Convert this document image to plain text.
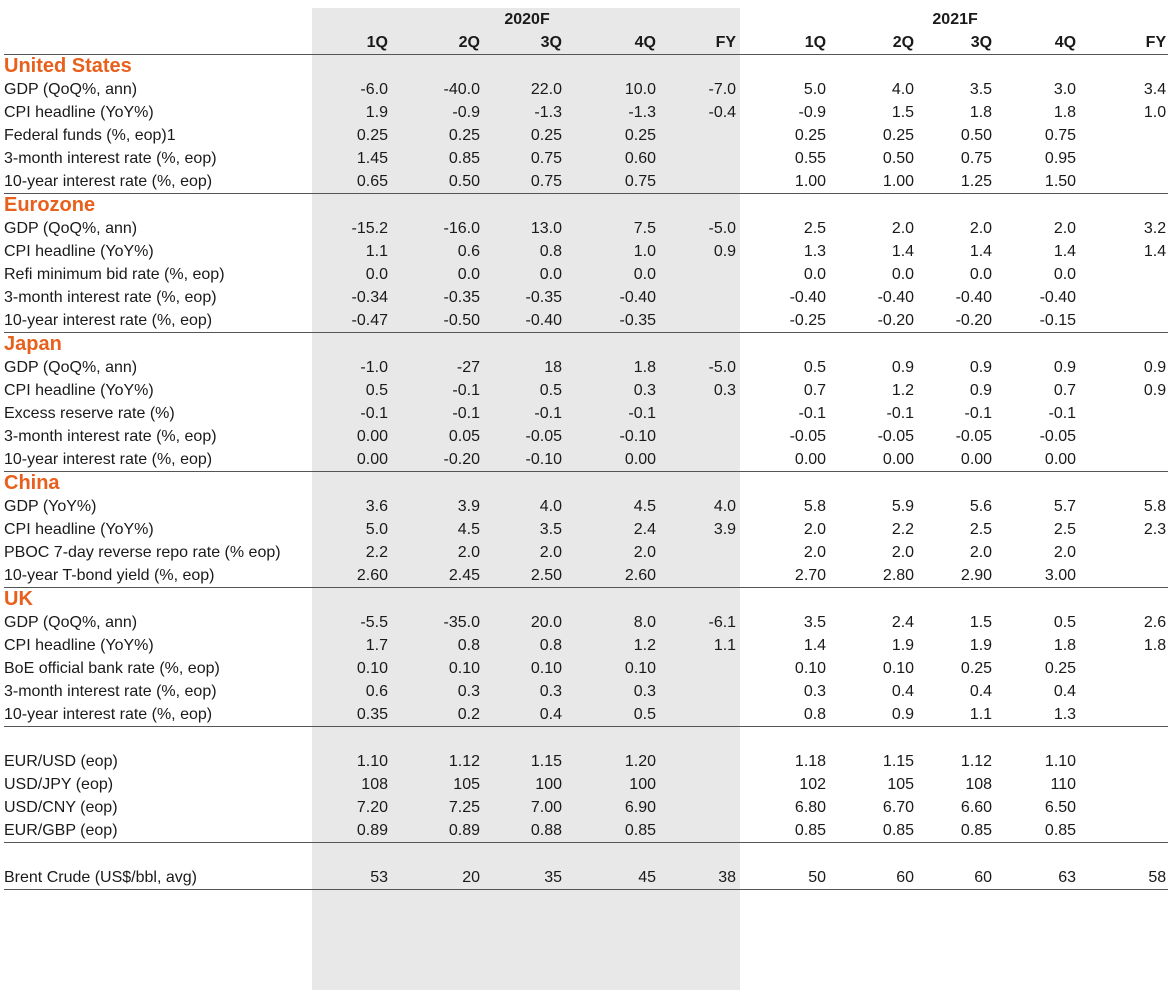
	2020F					2021F				
	1Q	2Q	3Q	4Q	FY	1Q	2Q	3Q	4Q	FY
United States										
GDP (QoQ%, ann)	-6.0	-40.0	22.0	10.0	-7.0	5.0	4.0	3.5	3.0	3.4
CPI headline (YoY%)	1.9	-0.9	-1.3	-1.3	-0.4	-0.9	1.5	1.8	1.8	1.0
Federal funds (%, eop)1	0.25	0.25	0.25	0.25		0.25	0.25	0.50	0.75	
3-month interest rate (%, eop)	1.45	0.85	0.75	0.60		0.55	0.50	0.75	0.95	
10-year interest rate (%, eop)	0.65	0.50	0.75	0.75		1.00	1.00	1.25	1.50	
Eurozone										
GDP (QoQ%, ann)	-15.2	-16.0	13.0	7.5	-5.0	2.5	2.0	2.0	2.0	3.2
CPI headline (YoY%)	1.1	0.6	0.8	1.0	0.9	1.3	1.4	1.4	1.4	1.4
Refi minimum bid rate (%, eop)	0.0	0.0	0.0	0.0		0.0	0.0	0.0	0.0	
3-month interest rate (%, eop)	-0.34	-0.35	-0.35	-0.40		-0.40	-0.40	-0.40	-0.40	
10-year interest rate (%, eop)	-0.47	-0.50	-0.40	-0.35		-0.25	-0.20	-0.20	-0.15	
Japan										
GDP (QoQ%, ann)	-1.0	-27	18	1.8	-5.0	0.5	0.9	0.9	0.9	0.9
CPI headline (YoY%)	0.5	-0.1	0.5	0.3	0.3	0.7	1.2	0.9	0.7	0.9
Excess reserve rate (%)	-0.1	-0.1	-0.1	-0.1		-0.1	-0.1	-0.1	-0.1	
3-month interest rate (%, eop)	0.00	0.05	-0.05	-0.10		-0.05	-0.05	-0.05	-0.05	
10-year interest rate (%, eop)	0.00	-0.20	-0.10	0.00		0.00	0.00	0.00	0.00	
China										
GDP (YoY%)	3.6	3.9	4.0	4.5	4.0	5.8	5.9	5.6	5.7	5.8
CPI headline (YoY%)	5.0	4.5	3.5	2.4	3.9	2.0	2.2	2.5	2.5	2.3
PBOC 7-day reverse repo rate (% eop)	2.2	2.0	2.0	2.0		2.0	2.0	2.0	2.0	
10-year T-bond yield (%, eop)	2.60	2.45	2.50	2.60		2.70	2.80	2.90	3.00	
UK										
GDP (QoQ%, ann)	-5.5	-35.0	20.0	8.0	-6.1	3.5	2.4	1.5	0.5	2.6
CPI headline (YoY%)	1.7	0.8	0.8	1.2	1.1	1.4	1.9	1.9	1.8	1.8
BoE official bank rate (%, eop)	0.10	0.10	0.10	0.10		0.10	0.10	0.25	0.25	
3-month interest rate (%, eop)	0.6	0.3	0.3	0.3		0.3	0.4	0.4	0.4	
10-year interest rate (%, eop)	0.35	0.2	0.4	0.5		0.8	0.9	1.1	1.3	

EUR/USD (eop)	1.10	1.12	1.15	1.20		1.18	1.15	1.12	1.10	
USD/JPY (eop)	108	105	100	100		102	105	108	110	
USD/CNY (eop)	7.20	7.25	7.00	6.90		6.80	6.70	6.60	6.50	
EUR/GBP (eop)	0.89	0.89	0.88	0.85		0.85	0.85	0.85	0.85	

Brent Crude (US$/bbl, avg)	53	20	35	45	38	50	60	60	63	58
